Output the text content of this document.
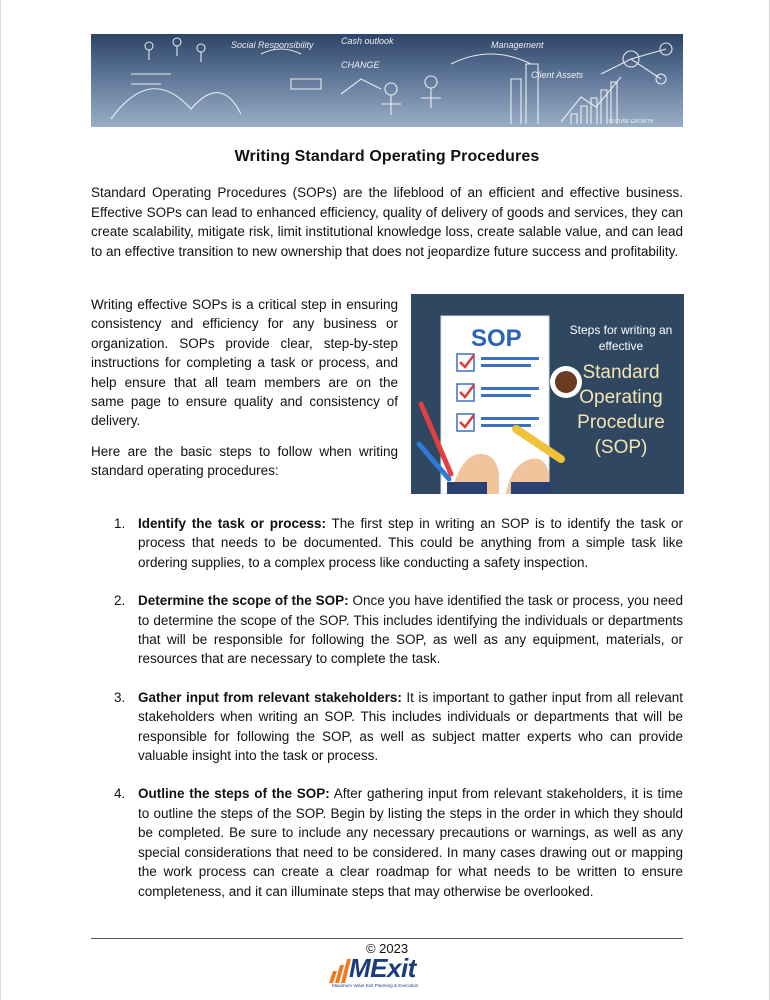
Social Responsibility	Cash outlook	Management
CHANGE
Client Assets
FUTURE GROWTH
Writing Standard Operating Procedures

Standard Operating Procedures (SOPs) are the lifeblood of an efficient and effective business. Effective SOPs can lead to enhanced efficiency, quality of delivery of goods and services, they can create scalability, mitigate risk, limit institutional knowledge loss, create salable value, and can lead to an effective transition to new ownership that does not jeopardize future success and profitability.

Writing effective SOPs is a critical step in ensuring consistency and efficiency for any business or organization. SOPs provide clear, step-by-step instructions for completing a task or process, and help ensure that all team members are on the same page to ensure quality and consistency of delivery.

Here are the basic steps to follow when writing standard operating procedures:

SOP	Steps for writing an effective
Standard Operating Procedure (SOP)
1. Identify the task or process: The first step in writing an SOP is to identify the task or process that needs to be documented. This could be anything from a simple task like ordering supplies, to a complex process like conducting a safety inspection.
2. Determine the scope of the SOP: Once you have identified the task or process, you need to determine the scope of the SOP. This includes identifying the individuals or departments that will be responsible for following the SOP, as well as any equipment, materials, or resources that are necessary to complete the task.
3. Gather input from relevant stakeholders: It is important to gather input from all relevant stakeholders when writing an SOP. This includes individuals or departments that will be responsible for following the SOP, as well as subject matter experts who can provide valuable insight into the task or process.
4. Outline the steps of the SOP: After gathering input from relevant stakeholders, it is time to outline the steps of the SOP. Begin by listing the steps in the order in which they should be completed. Be sure to include any necessary precautions or warnings, as well as any special considerations that need to be considered. In many cases drawing out or mapping the work process can create a clear roadmap for what needs to be written to ensure completeness, and it can illuminate steps that may otherwise be overlooked.
© 2023
MExit
Maximum Value Exit Planning & Execution
